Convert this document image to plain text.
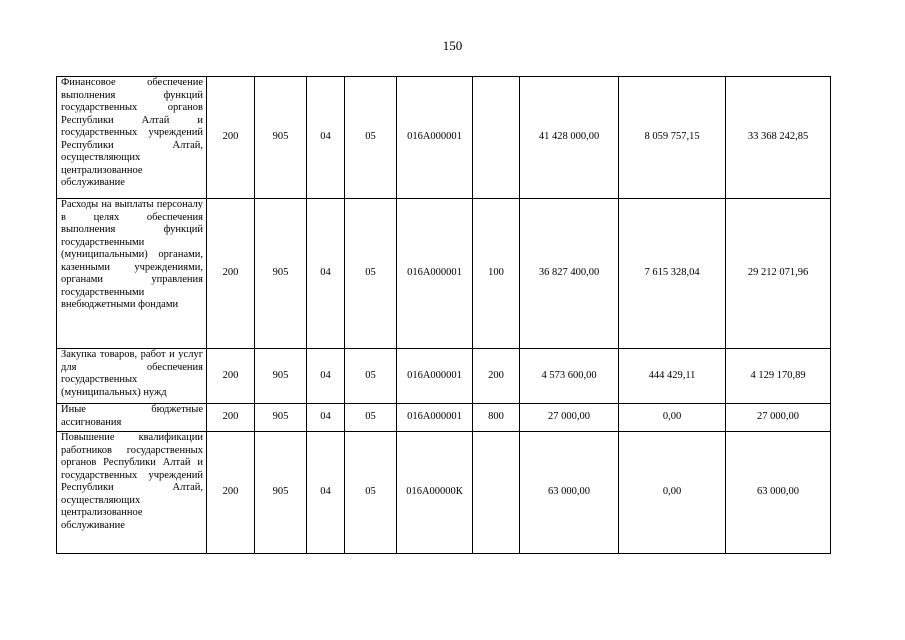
150
Финансовое обеспечение выполнения функций государственных органов Республики Алтай и государственных учреждений Республики Алтай, осуществляющих централизованное обслуживание	200	905	04	05	016А000001		41 428 000,00	8 059 757,15	33 368 242,85
Расходы на выплаты персоналу в целях обеспечения выполнения функций государственными (муниципальными) органами, казенными учреждениями, органами управления государственными внебюджетными фондами	200	905	04	05	016А000001	100	36 827 400,00	7 615 328,04	29 212 071,96
Закупка товаров, работ и услуг для обеспечения государственных (муниципальных) нужд	200	905	04	05	016А000001	200	4 573 600,00	444 429,11	4 129 170,89
Иные бюджетные ассигнования	200	905	04	05	016А000001	800	27 000,00	0,00	27 000,00
Повышение квалификации работников государственных органов Республики Алтай и государственных учреждений Республики Алтай, осуществляющих централизованное обслуживание	200	905	04	05	016А00000К		63 000,00	0,00	63 000,00
